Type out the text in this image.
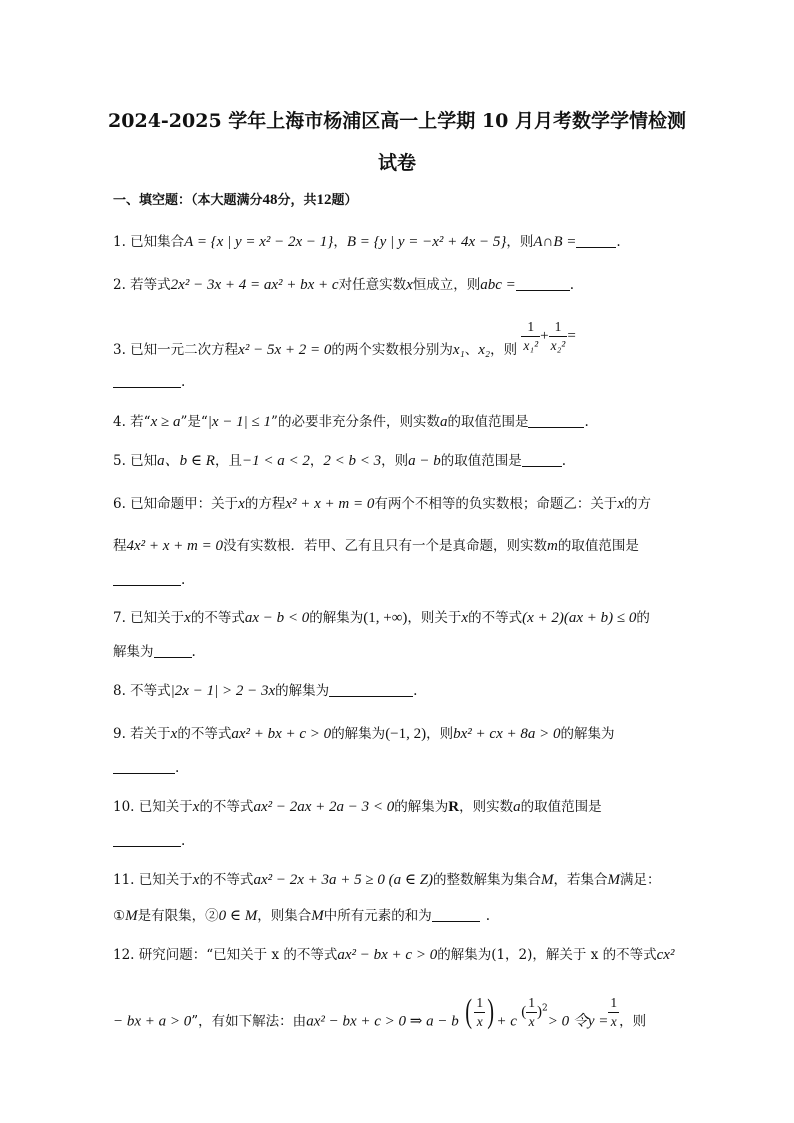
2024-2025 学年上海市杨浦区高一上学期 10 月月考数学学情检测
试卷
一、填空题：（本大题满分48分，共12题）
1. 已知集合A = {x | y = x² − 2x − 1}，B = {y | y = −x² + 4x − 5}，则A∩B =	.
2. 若等式2x² − 3x + 4 = ax² + bx + c对任意实数x恒成立，则abc =	.
3. 已知一元二次方程x² − 5x + 2 = 0的两个实数根分别为x₁、x₂，则 $\frac{1}{\text{x₁²}} + \frac{1}{\text{x₂²}}$ =
.
4. 若“x ≥ a”是“|x − 1| ≤ 1”的必要非充分条件，则实数a的取值范围是	.
5. 已知a、b ∈ R，且−1 < a < 2，2 < b < 3，则a − b的取值范围是	.
6. 已知命题甲：关于x的方程x² + x + m = 0有两个不相等的负实数根；命题乙：关于x的方
程4x² + x + m = 0没有实数根．若甲、乙有且只有一个是真命题，则实数m的取值范围是
.
7. 已知关于x的不等式ax − b < 0的解集为(1, +∞)，则关于x的不等式(x + 2)(ax + b) ≤ 0的
解集为	.
8. 不等式|2x − 1| > 2 − 3x的解集为	.
9. 若关于x的不等式ax² + bx + c > 0的解集为(−1, 2)，则bx² + cx + 8a > 0的解集为
.
10. 已知关于x的不等式ax² − 2ax + 2a − 3 < 0的解集为R，则实数a的取值范围是
.
11. 已知关于x的不等式ax² − 2x + 3a + 5 ≥ 0 (a ∈ Z)的整数解集为集合M，若集合M满足：
①M是有限集，②0 ∈ M，则集合M中所有元素的和为	.
12. 研究问题：“已知关于 x 的不等式ax² − bx + c > 0的解集为(1，2)，解关于 x 的不等式cx²
− bx + a > 0”，有如下解法：由ax² − bx + c > 0 ⇒ a − b ( $\frac{1}{x}$ ) + c ( $\frac{1}{x} )^2> 0$ 令$y = \frac{1}{x}$ ，则
